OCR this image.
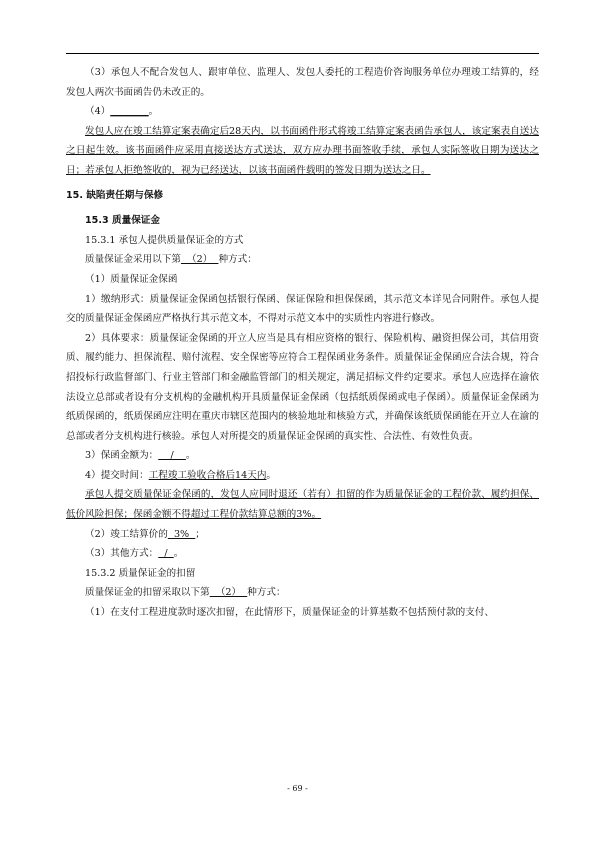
（3）承包人不配合发包人、跟审单位、监理人、发包人委托的工程造价咨询服务单位办理竣工结算的，经发包人两次书面函告仍未改正的。

（4）________。

发包人应在竣工结算定案表确定后28天内，以书面函件形式将竣工结算定案表函告承包人，该定案表自送达之日起生效。该书面函件应采用直接送达方式送达，双方应办理书面签收手续，承包人实际签收日期为送达之日；若承包人拒绝签收的，视为已经送达，以该书面函件载明的签发日期为送达之日。

15. 缺陷责任期与保修

15.3 质量保证金

15.3.1 承包人提供质量保证金的方式

质量保证金采用以下第  （2）  种方式：

（1）质量保证金保函

1）缴纳形式：质量保证金保函包括银行保函、保证保险和担保保函，其示范文本详见合同附件。承包人提交的质量保证金保函应严格执行其示范文本，不得对示范文本中的实质性内容进行修改。

2）具体要求：质量保证金保函的开立人应当是具有相应资格的银行、保险机构、融资担保公司，其信用资质、履约能力、担保流程、赔付流程、安全保密等应符合工程保函业务条件。质量保证金保函应合法合规，符合招投标行政监督部门、行业主管部门和金融监管部门的相关规定，满足招标文件约定要求。承包人应选择在渝依法设立总部或者设有分支机构的金融机构开具质量保证金保函（包括纸质保函或电子保函）。质量保证金保函为纸质保函的，纸质保函应注明在重庆市辖区范围内的核验地址和核验方式，并确保该纸质保函能在开立人在渝的总部或者分支机构进行核验。承包人对所提交的质量保证金保函的真实性、合法性、有效性负责。

3）保函金额为：    /    。

4）提交时间：工程竣工验收合格后14天内。

承包人提交质量保证金保函的，发包人应同时退还（若有）扣留的作为质量保证金的工程价款、履约担保、低价风险担保；保函金额不得超过工程价款结算总额的3%。

（2）竣工结算价的  3%  ；

（3）其他方式：  /  。

15.3.2 质量保证金的扣留

质量保证金的扣留采取以下第  （2）  种方式：

（1）在支付工程进度款时逐次扣留，在此情形下，质量保证金的计算基数不包括预付款的支付、

- 69 -
